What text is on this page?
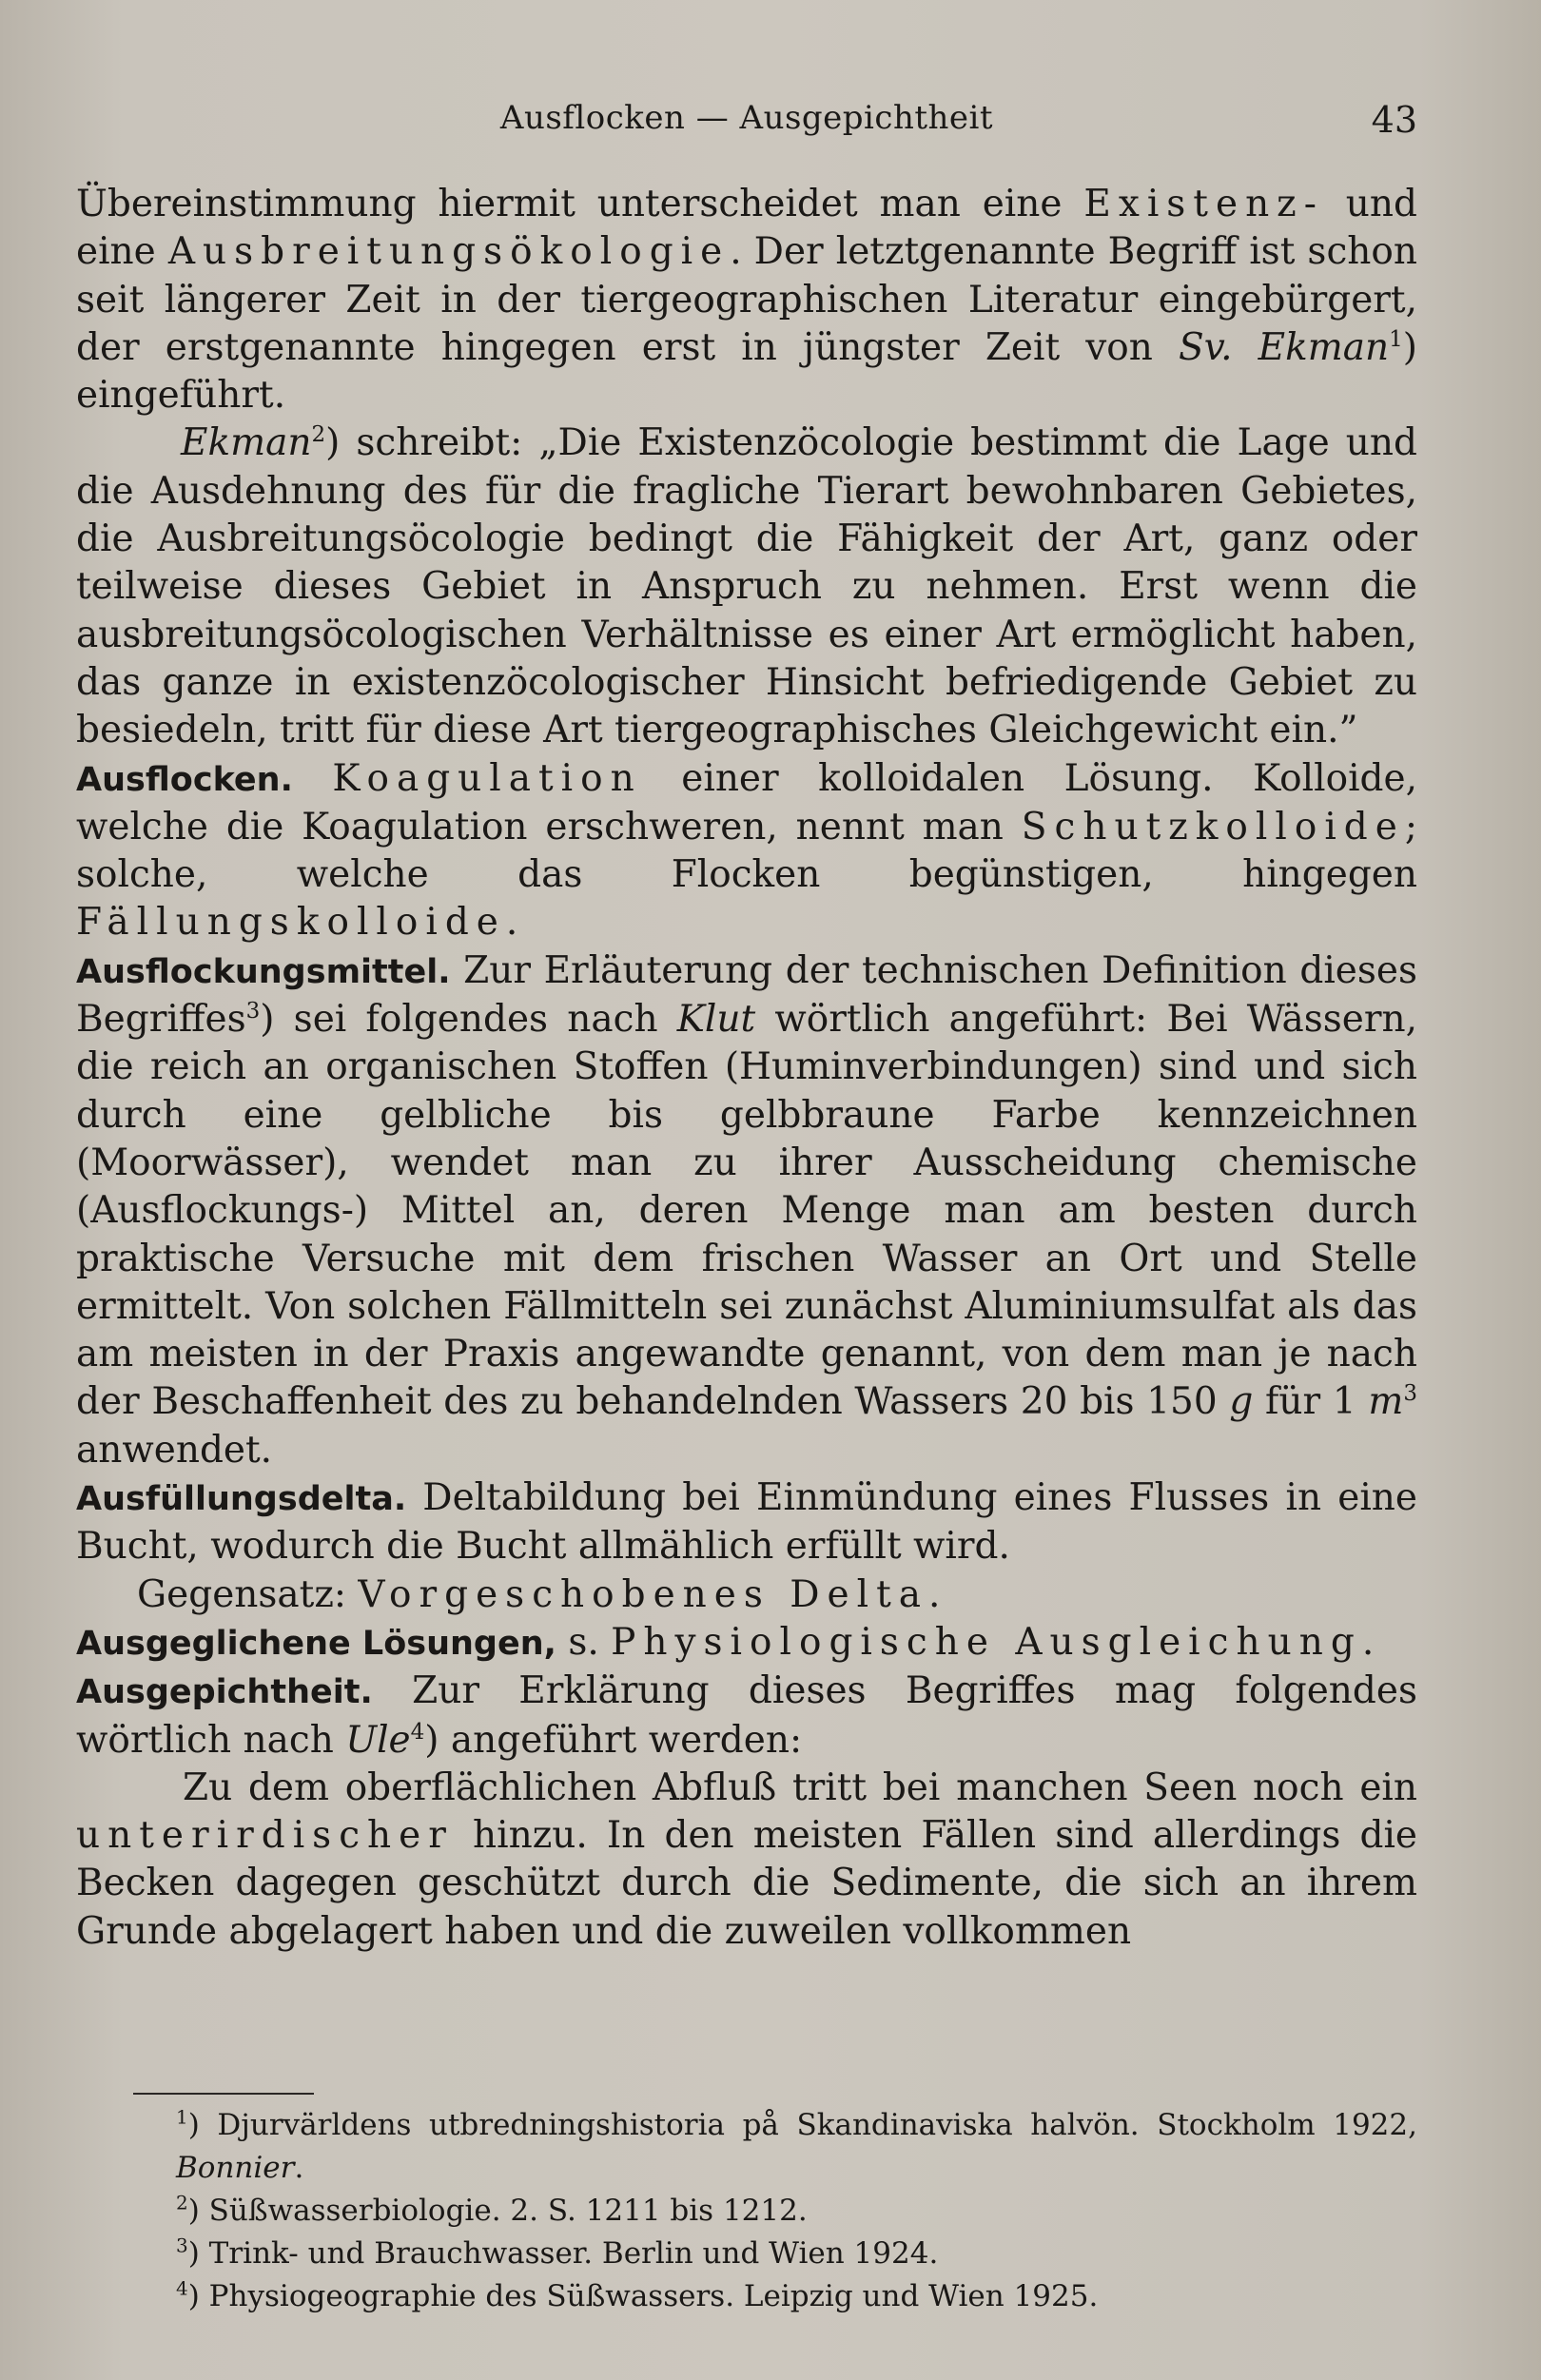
Ausflocken — Ausgepichtheit	43

Übereinstimmung hiermit unterscheidet man eine Existenz- und eine Ausbreitungsökologie. Der letztgenannte Begriff ist schon seit längerer Zeit in der tiergeographischen Literatur eingebürgert, der erstgenannte hingegen erst in jüngster Zeit von Sv. Ekman$^1$) eingeführt.

Ekman$^2$) schreibt: „Die Existenzöcologie bestimmt die Lage und die Ausdehnung des für die fragliche Tierart bewohnbaren Gebietes, die Ausbreitungsöcologie bedingt die Fähigkeit der Art, ganz oder teilweise dieses Gebiet in Anspruch zu nehmen. Erst wenn die ausbreitungsöcologischen Verhältnisse es einer Art ermöglicht haben, das ganze in existenzöcologischer Hinsicht befriedigende Gebiet zu besiedeln, tritt für diese Art tiergeographisches Gleichgewicht ein.”

Ausflocken. Koagulation einer kolloidalen Lösung. Kolloide, welche die Koagulation erschweren, nennt man Schutzkolloide; solche, welche das Flocken begünstigen, hingegen Fällungskolloide.

Ausflockungsmittel. Zur Erläuterung der technischen Definition dieses Begriffes$^3$) sei folgendes nach Klut wörtlich angeführt: Bei Wässern, die reich an organischen Stoffen (Huminverbindungen) sind und sich durch eine gelbliche bis gelbbraune Farbe kennzeichnen (Moorwässer), wendet man zu ihrer Ausscheidung chemische (Ausflockungs-) Mittel an, deren Menge man am besten durch praktische Versuche mit dem frischen Wasser an Ort und Stelle ermittelt. Von solchen Fällmitteln sei zunächst Aluminiumsulfat als das am meisten in der Praxis angewandte genannt, von dem man je nach der Beschaffenheit des zu behandelnden Wassers 20 bis 150 g für 1 $m^3$ anwendet.

Ausfüllungsdelta. Deltabildung bei Einmündung eines Flusses in eine Bucht, wodurch die Bucht allmählich erfüllt wird.

Gegensatz: Vorgeschobenes Delta.

Ausgeglichene Lösungen, s. Physiologische Ausgleichung.

Ausgepichtheit. Zur Erklärung dieses Begriffes mag folgendes wörtlich nach Ule$^4$) angeführt werden:

Zu dem oberflächlichen Abfluß tritt bei manchen Seen noch ein unterirdischer hinzu. In den meisten Fällen sind allerdings die Becken dagegen geschützt durch die Sedimente, die sich an ihrem Grunde abgelagert haben und die zuweilen vollkommen

$^1$) Djurvärldens utbredningshistoria på Skandinaviska halvön. Stockholm 1922, Bonnier.

$^2$) Süßwasserbiologie. 2. S. 1211 bis 1212.

$^3$) Trink- und Brauchwasser. Berlin und Wien 1924.

$^4$) Physiogeographie des Süßwassers. Leipzig und Wien 1925.
